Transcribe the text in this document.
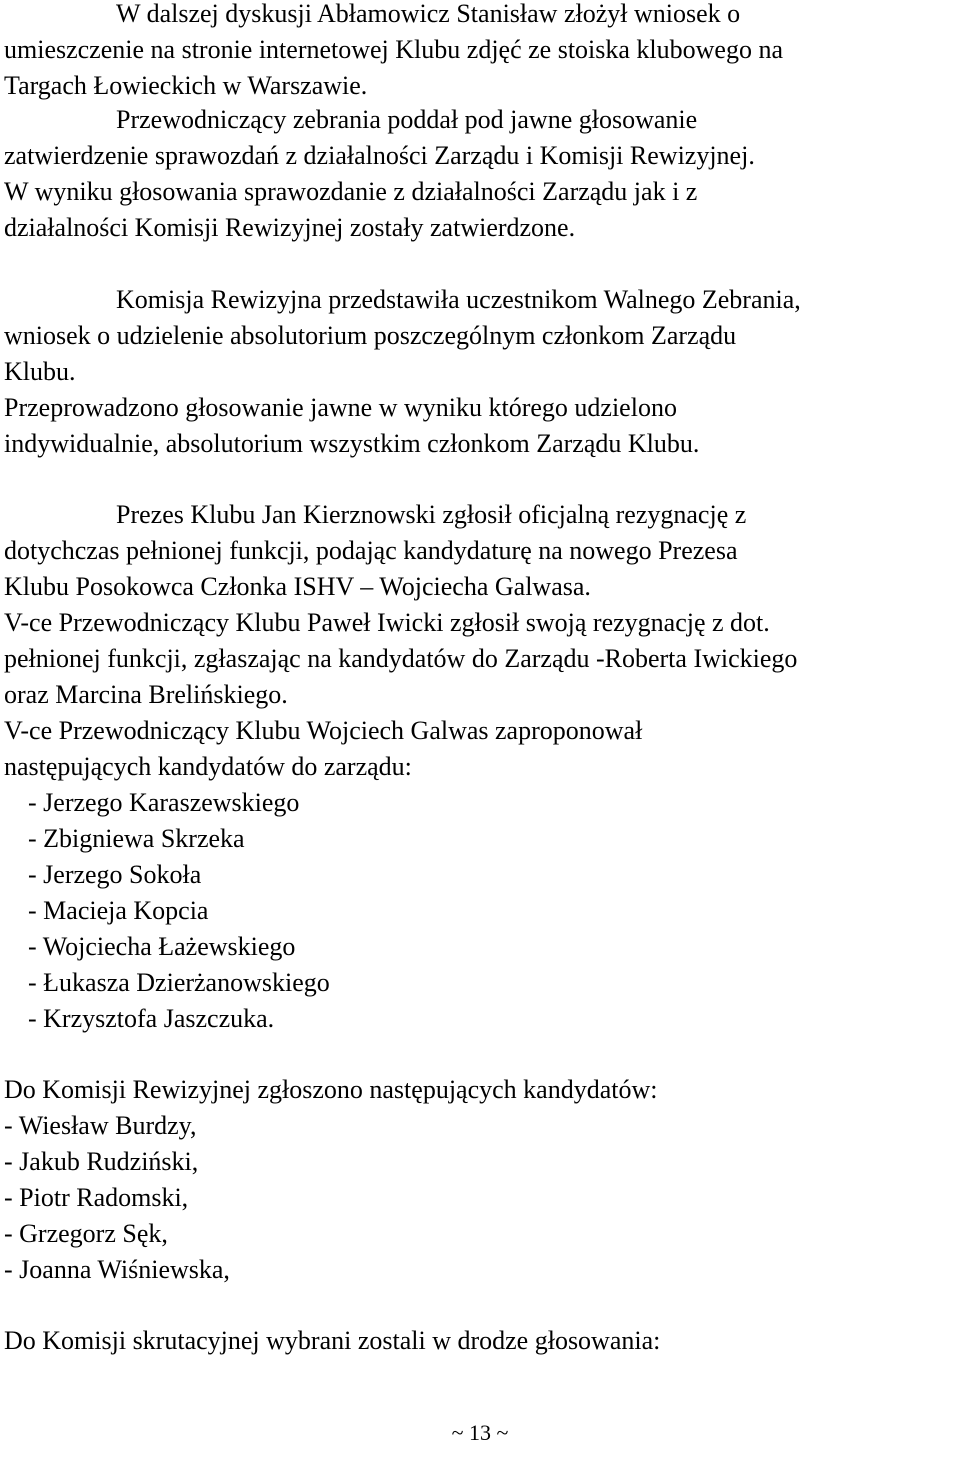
W dalszej dyskusji Abłamowicz Stanisław złożył wniosek o
umieszczenie na stronie internetowej Klubu zdjęć ze stoiska klubowego na
Targach Łowieckich w Warszawie.
Przewodniczący zebrania poddał pod jawne głosowanie
zatwierdzenie sprawozdań z działalności Zarządu i Komisji Rewizyjnej.
W wyniku głosowania sprawozdanie z działalności Zarządu jak i z
działalności Komisji Rewizyjnej zostały zatwierdzone.
Komisja Rewizyjna przedstawiła uczestnikom Walnego Zebrania,
wniosek o udzielenie absolutorium poszczególnym członkom Zarządu
Klubu.
Przeprowadzono głosowanie jawne w wyniku którego udzielono
indywidualnie, absolutorium wszystkim członkom Zarządu Klubu.
Prezes Klubu Jan Kierznowski zgłosił oficjalną rezygnację z
dotychczas pełnionej funkcji, podając kandydaturę na nowego Prezesa
Klubu Posokowca Członka ISHV – Wojciecha Galwasa.
V-ce Przewodniczący Klubu Paweł Iwicki zgłosił swoją rezygnację z dot.
pełnionej funkcji, zgłaszając na kandydatów do Zarządu -Roberta Iwickiego
oraz Marcina Brelińskiego.
V-ce Przewodniczący Klubu Wojciech Galwas zaproponował
następujących kandydatów do zarządu:
- Jerzego Karaszewskiego
- Zbigniewa Skrzeka
- Jerzego Sokoła
- Macieja Kopcia
- Wojciecha Łażewskiego
- Łukasza Dzierżanowskiego
- Krzysztofa Jaszczuka.
Do Komisji Rewizyjnej zgłoszono następujących kandydatów:
- Wiesław Burdzy,
- Jakub Rudziński,
- Piotr Radomski,
- Grzegorz Sęk,
- Joanna Wiśniewska,
Do Komisji skrutacyjnej wybrani zostali w drodze głosowania:
~ 13 ~
